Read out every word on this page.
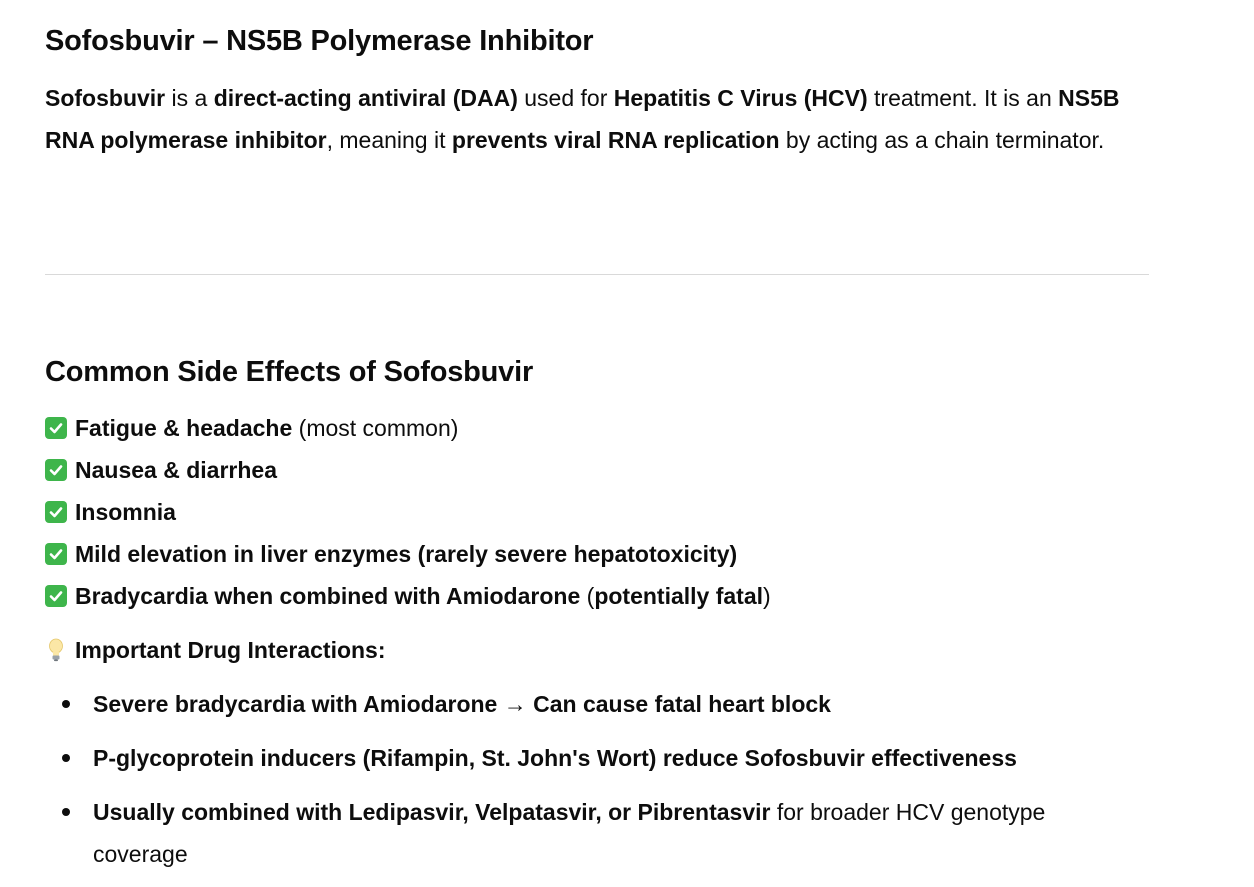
Sofosbuvir – NS5B Polymerase Inhibitor

Sofosbuvir is a direct-acting antiviral (DAA) used for Hepatitis C Virus (HCV) treatment. It is an NS5B RNA polymerase inhibitor, meaning it prevents viral RNA replication by acting as a chain terminator.

Common Side Effects of Sofosbuvir
Fatigue & headache (most common)
Nausea & diarrhea
Insomnia
Mild elevation in liver enzymes (rarely severe hepatotoxicity)
Bradycardia when combined with Amiodarone ( potentially fatal )
Important Drug Interactions:
Severe bradycardia with Amiodarone → Can cause fatal heart block
P-glycoprotein inducers (Rifampin, St. John's Wort) reduce Sofosbuvir effectiveness
Usually combined with Ledipasvir, Velpatasvir, or Pibrentasvir for broader HCV genotype coverage
